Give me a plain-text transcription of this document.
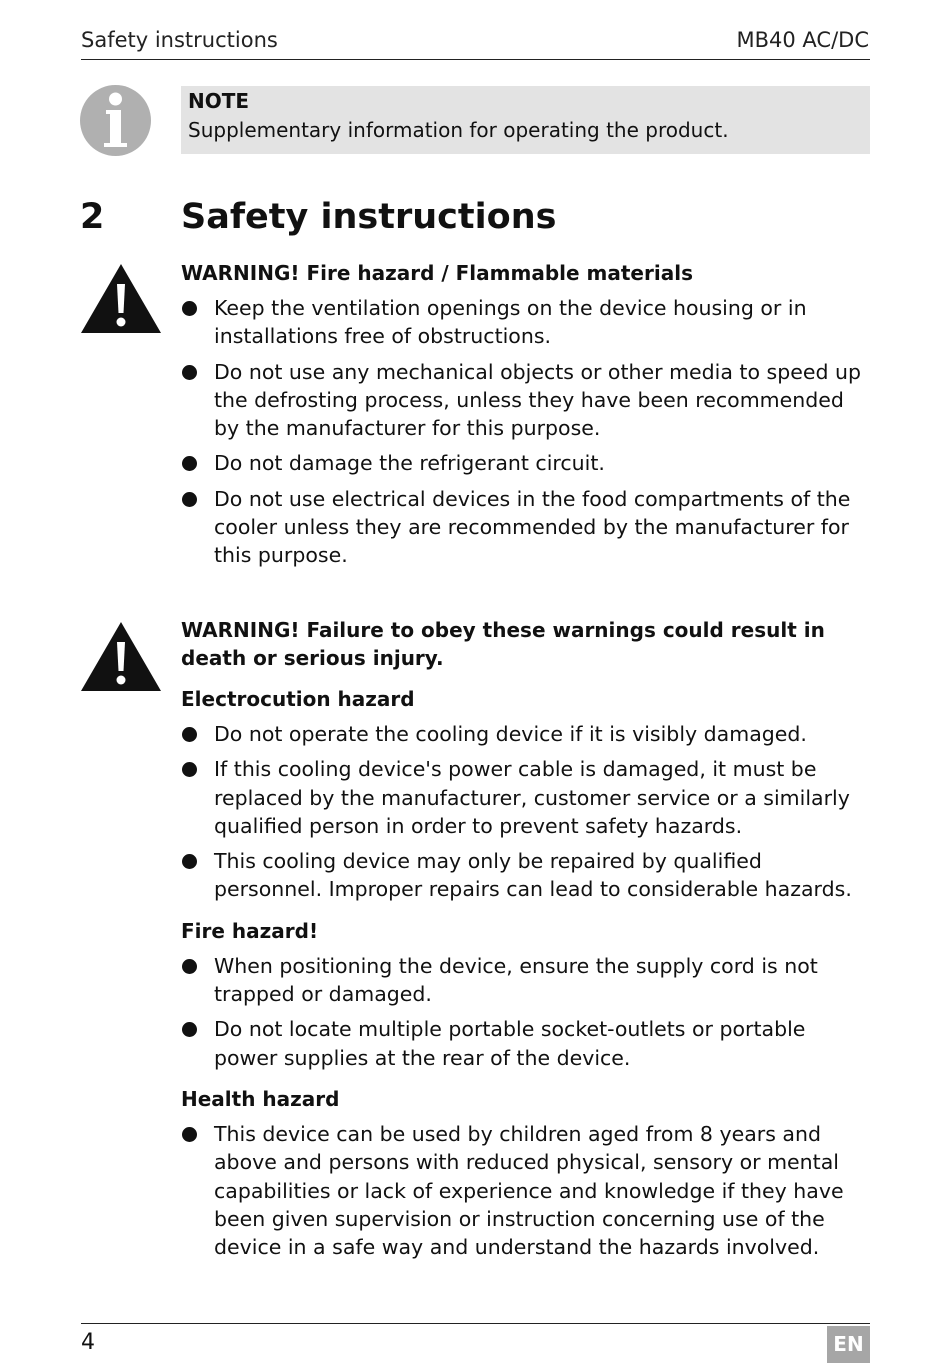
Safety instructions	MB40 AC/DC
NOTE
Supplementary information for operating the product.
2 Safety instructions

WARNING! Fire hazard / Flammable materials

Keep the ventilation openings on the device housing or in installations free of obstructions.
Do not use any mechanical objects or other media to speed up the defrosting process, unless they have been recommended by the manufacturer for this purpose.
Do not damage the refrigerant circuit.
Do not use electrical devices in the food compartments of the cooler unless they are recommended by the manufacturer for this purpose.

WARNING! Failure to obey these warnings could result in death or serious injury.

Electrocution hazard

Do not operate the cooling device if it is visibly damaged.
If this cooling device's power cable is damaged, it must be replaced by the manufacturer, customer service or a similarly qualified person in order to prevent safety hazards.
This cooling device may only be repaired by qualified personnel. Improper repairs can lead to considerable hazards.

Fire hazard!

When positioning the device, ensure the supply cord is not trapped or damaged.
Do not locate multiple portable socket-outlets or portable power supplies at the rear of the device.

Health hazard

This device can be used by children aged from 8 years and above and persons with reduced physical, sensory or mental capabilities or lack of experience and knowledge if they have been given supervision or instruction concerning use of the device in a safe way and understand the hazards involved.
4	EN
